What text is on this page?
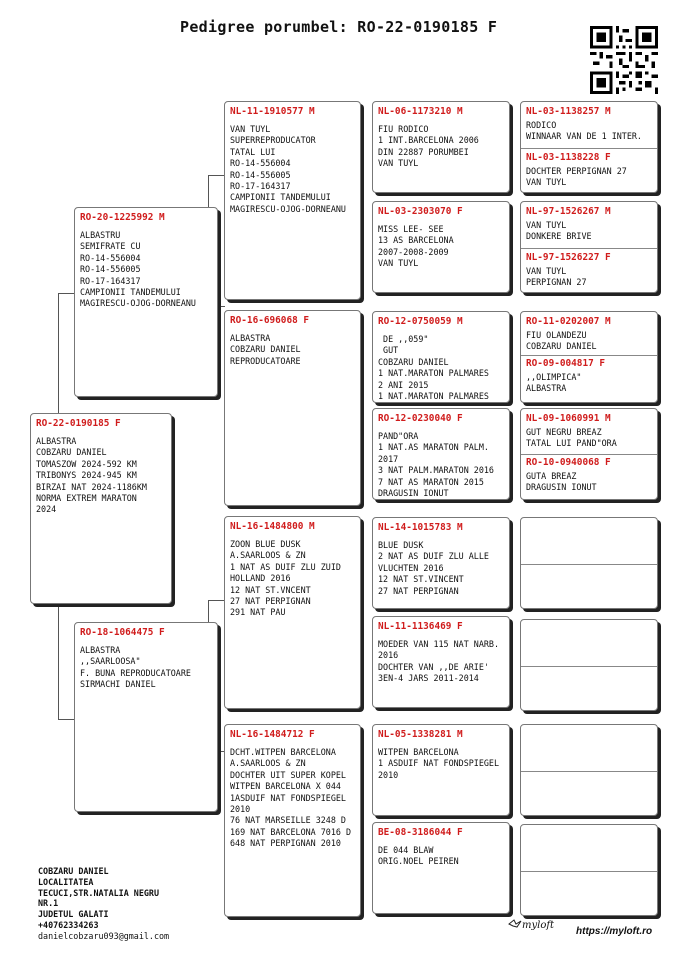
Pedigree porumbel: RO-22-0190185 F
RO-22-0190185 F
ALBASTRA
COBZARU DANIEL
TOMASZOW 2024-592 KM
TRIBONYS 2024-945 KM
BIRZAI NAT 2024-1186KM
NORMA EXTREM MARATON
2024
RO-20-1225992 M
ALBASTRU
SEMIFRATE CU
RO-14-556004
RO-14-556005
RO-17-164317
CAMPIONII TANDEMULUI
MAGIRESCU-OJOG-DORNEANU
RO-18-1064475 F
ALBASTRA
,,SAARLOOSA"
F. BUNA REPRODUCATOARE
SIRMACHI DANIEL
NL-11-1910577 M
VAN TUYL
SUPERREPRODUCATOR
TATAL LUI
RO-14-556004
RO-14-556005
RO-17-164317
CAMPIONII TANDEMULUI
MAGIRESCU-OJOG-DORNEANU
RO-16-696068 F
ALBASTRA
COBZARU DANIEL
REPRODUCATOARE
NL-16-1484800 M
ZOON BLUE DUSK
A.SAARLOOS & ZN
1 NAT AS DUIF ZLU ZUID
HOLLAND 2016
12 NAT ST.VNCENT
27 NAT PERPIGNAN
291 NAT PAU
NL-16-1484712 F
DCHT.WITPEN BARCELONA
A.SAARLOOS & ZN
DOCHTER UIT SUPER KOPEL
WITPEN BARCELONA X 044
1ASDUIF NAT FONDSPIEGEL
2010
76 NAT MARSEILLE 3248 D
169 NAT BARCELONA 7016 D
648 NAT PERPIGNAN 2010
NL-06-1173210 M
FIU RODICO
1 INT.BARCELONA 2006
DIN 22887 PORUMBEI
VAN TUYL
NL-03-2303070 F
MISS LEE- SEE
13 AS BARCELONA
2007-2008-2009
VAN TUYL
RO-12-0750059 M
DE ,,059"
GUT
COBZARU DANIEL
1 NAT.MARATON PALMARES
2 ANI 2015
1 NAT.MARATON PALMARES
RO-12-0230040 F
PAND"ORA
1 NAT.AS MARATON PALM.
2017
3 NAT PALM.MARATON 2016
7 NAT AS MARATON 2015
DRAGUSIN IONUT
NL-14-1015783 M
BLUE DUSK
2 NAT AS DUIF ZLU ALLE
VLUCHTEN 2016
12 NAT ST.VINCENT
27 NAT PERPIGNAN
NL-11-1136469 F
MOEDER VAN 115 NAT NARB.
2016
DOCHTER VAN ,,DE ARIE'
3EN-4 JARS 2011-2014
NL-05-1338281 M
WITPEN BARCELONA
1 ASDUIF NAT FONDSPIEGEL
2010
BE-08-3186044 F
DE 044 BLAW
ORIG.NOEL PEIREN
NL-03-1138257 M
RODICO
WINNAAR VAN DE 1 INTER.
NL-03-1138228 F
DOCHTER PERPIGNAN 27
VAN TUYL
NL-97-1526267 M
VAN TUYL
DONKERE BRIVE
NL-97-1526227 F
VAN TUYL
PERPIGNAN 27
RO-11-0202007 M
FIU OLANDEZU
COBZARU DANIEL
RO-09-004817 F
,,OLIMPICA"
ALBASTRA
NL-09-1060991 M
GUT NEGRU BREAZ
TATAL LUI PAND"ORA
RO-10-0940068 F
GUTA BREAZ
DRAGUSIN IONUT
COBZARU DANIEL
LOCALITATEA
TECUCI,STR.NATALIA NEGRU
NR.1
JUDETUL GALATI
+40762334263
danielcobzaru093@gmail.com
myloft
https://myloft.ro
